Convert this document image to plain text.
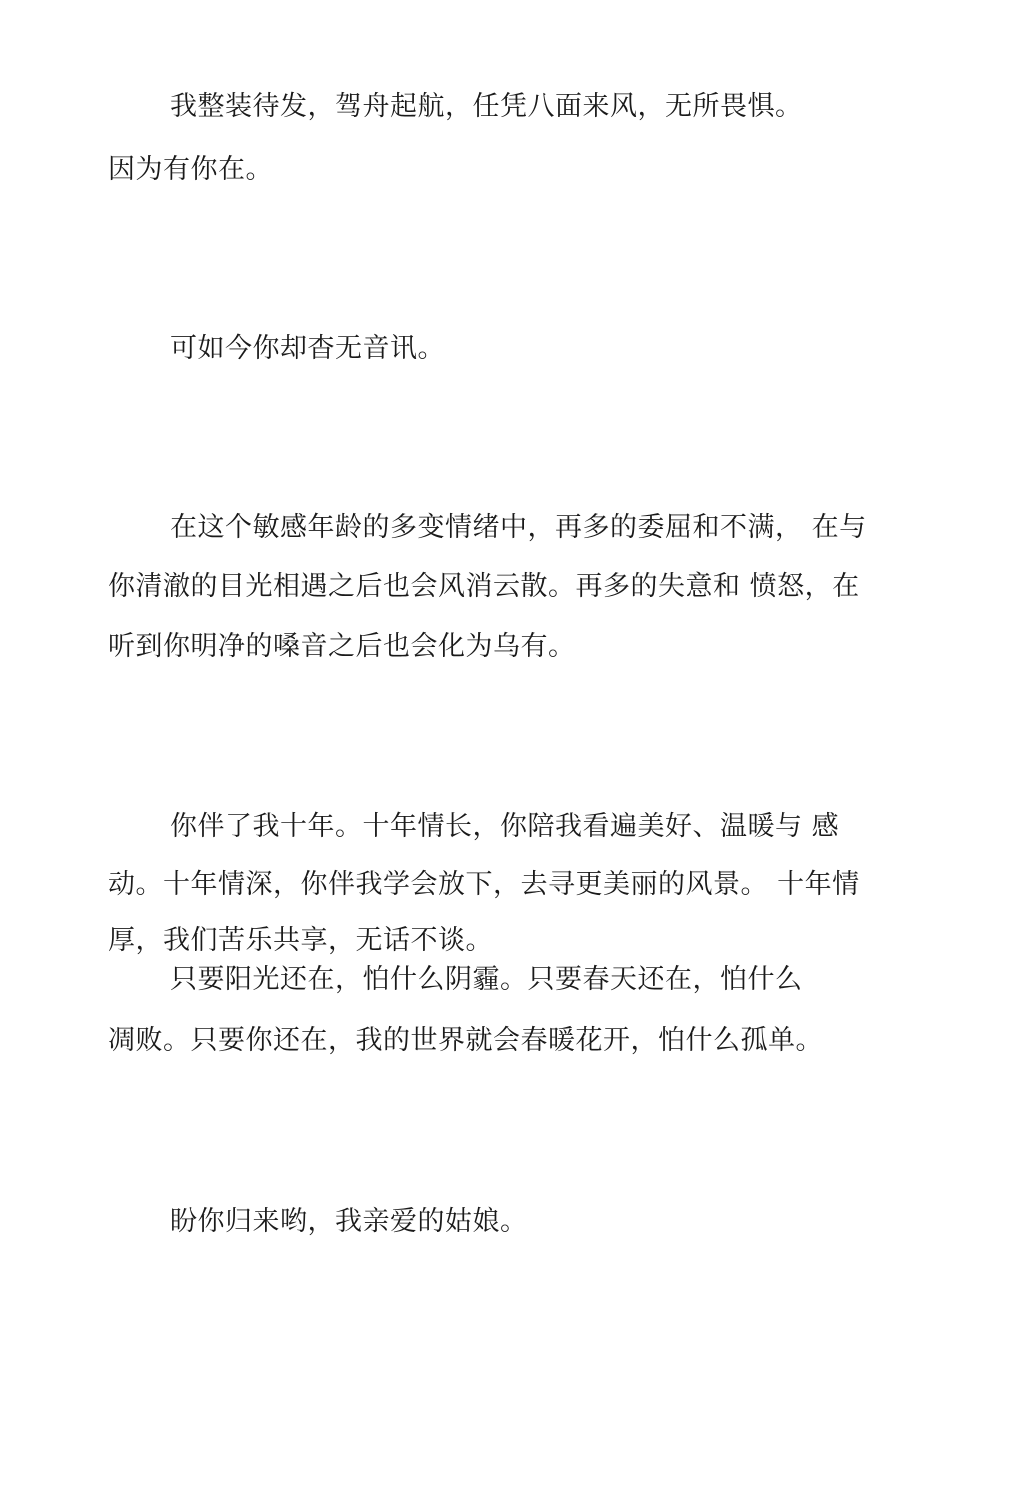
我整装待发，驾舟起航，任凭八面来风，无所畏惧。
因为有你在。
可如今你却杳无音讯。
在这个敏感年龄的多变情绪中，再多的委屈和不满， 在与
你清澈的目光相遇之后也会风消云散。再多的失意和 愤怒，在
听到你明净的嗓音之后也会化为乌有。
你伴了我十年。十年情长，你陪我看遍美好、温暖与 感
动。十年情深，你伴我学会放下，去寻更美丽的风景。 十年情
厚，我们苦乐共享，无话不谈。
只要阳光还在，怕什么阴霾。只要春天还在，怕什么
凋败。只要你还在，我的世界就会春暖花开，怕什么孤单。
盼你归来哟，我亲爱的姑娘。
